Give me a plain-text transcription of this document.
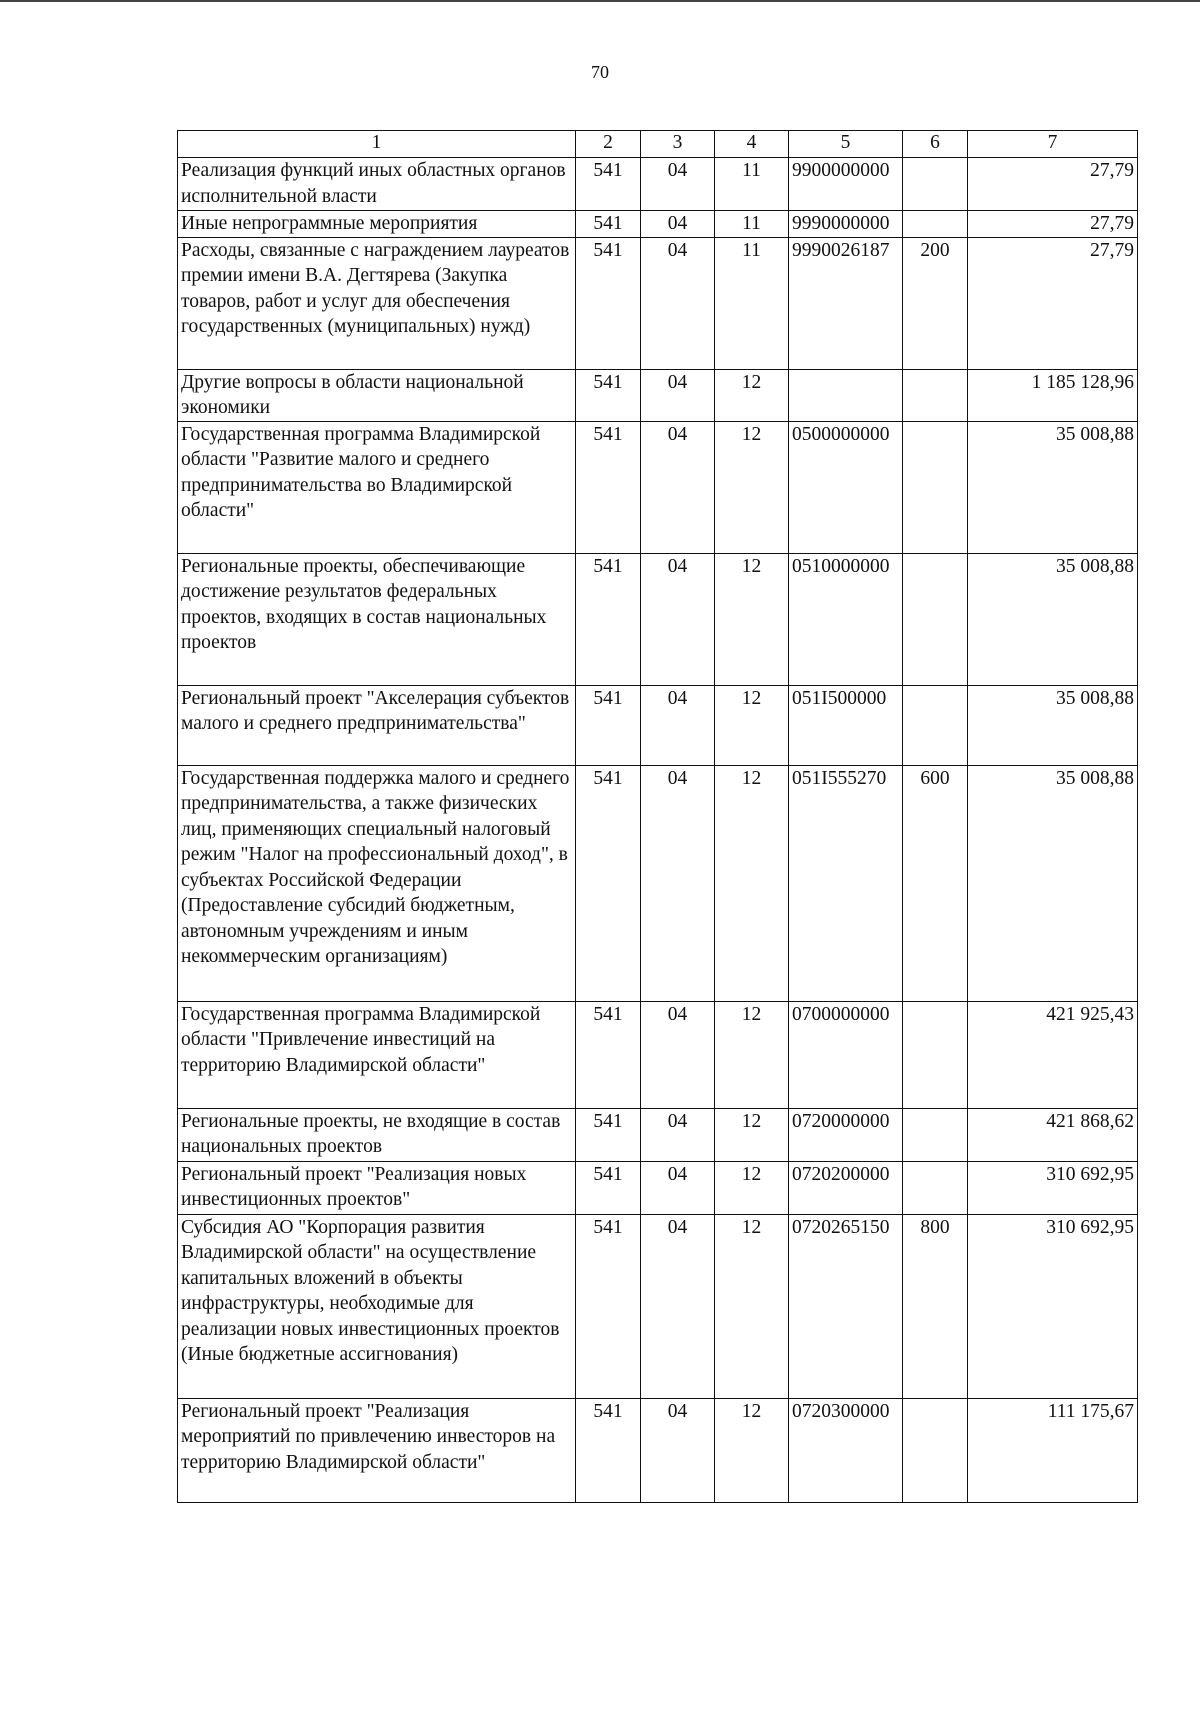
70
1	2	3	4	5	6	7
Реализация функций иных областных органов исполнительной власти	541	04	11	9900000000		27,79
Иные непрограммные мероприятия	541	04	11	9990000000		27,79
Расходы, связанные с награждением лауреатов премии имени В.А. Дегтярева (Закупка товаров, работ и услуг для обеспечения государственных (муниципальных) нужд)	541	04	11	9990026187	200	27,79
Другие вопросы в области национальной экономики	541	04	12			1 185 128,96
Государственная программа Владимирской области "Развитие малого и среднего предпринимательства во Владимирской области"	541	04	12	0500000000		35 008,88
Региональные проекты, обеспечивающие достижение результатов федеральных проектов, входящих в состав национальных проектов	541	04	12	0510000000		35 008,88
Региональный проект "Акселерация субъектов малого и среднего предпринимательства"	541	04	12	051I500000		35 008,88
Государственная поддержка малого и среднего предпринимательства, а также физических лиц, применяющих специальный налоговый режим "Налог на профессиональный доход", в субъектах Российской Федерации (Предоставление субсидий бюджетным, автономным учреждениям и иным некоммерческим организациям)	541	04	12	051I555270	600	35 008,88
Государственная программа Владимирской области "Привлечение инвестиций на территорию Владимирской области"	541	04	12	0700000000		421 925,43
Региональные проекты, не входящие в состав национальных проектов	541	04	12	0720000000		421 868,62
Региональный проект "Реализация новых инвестиционных проектов"	541	04	12	0720200000		310 692,95
Субсидия АО "Корпорация развития Владимирской области" на осуществление капитальных вложений в объекты инфраструктуры, необходимые для реализации новых инвестиционных проектов (Иные бюджетные ассигнования)	541	04	12	0720265150	800	310 692,95
Региональный проект "Реализация мероприятий по привлечению инвесторов на территорию Владимирской области"	541	04	12	0720300000		111 175,67
